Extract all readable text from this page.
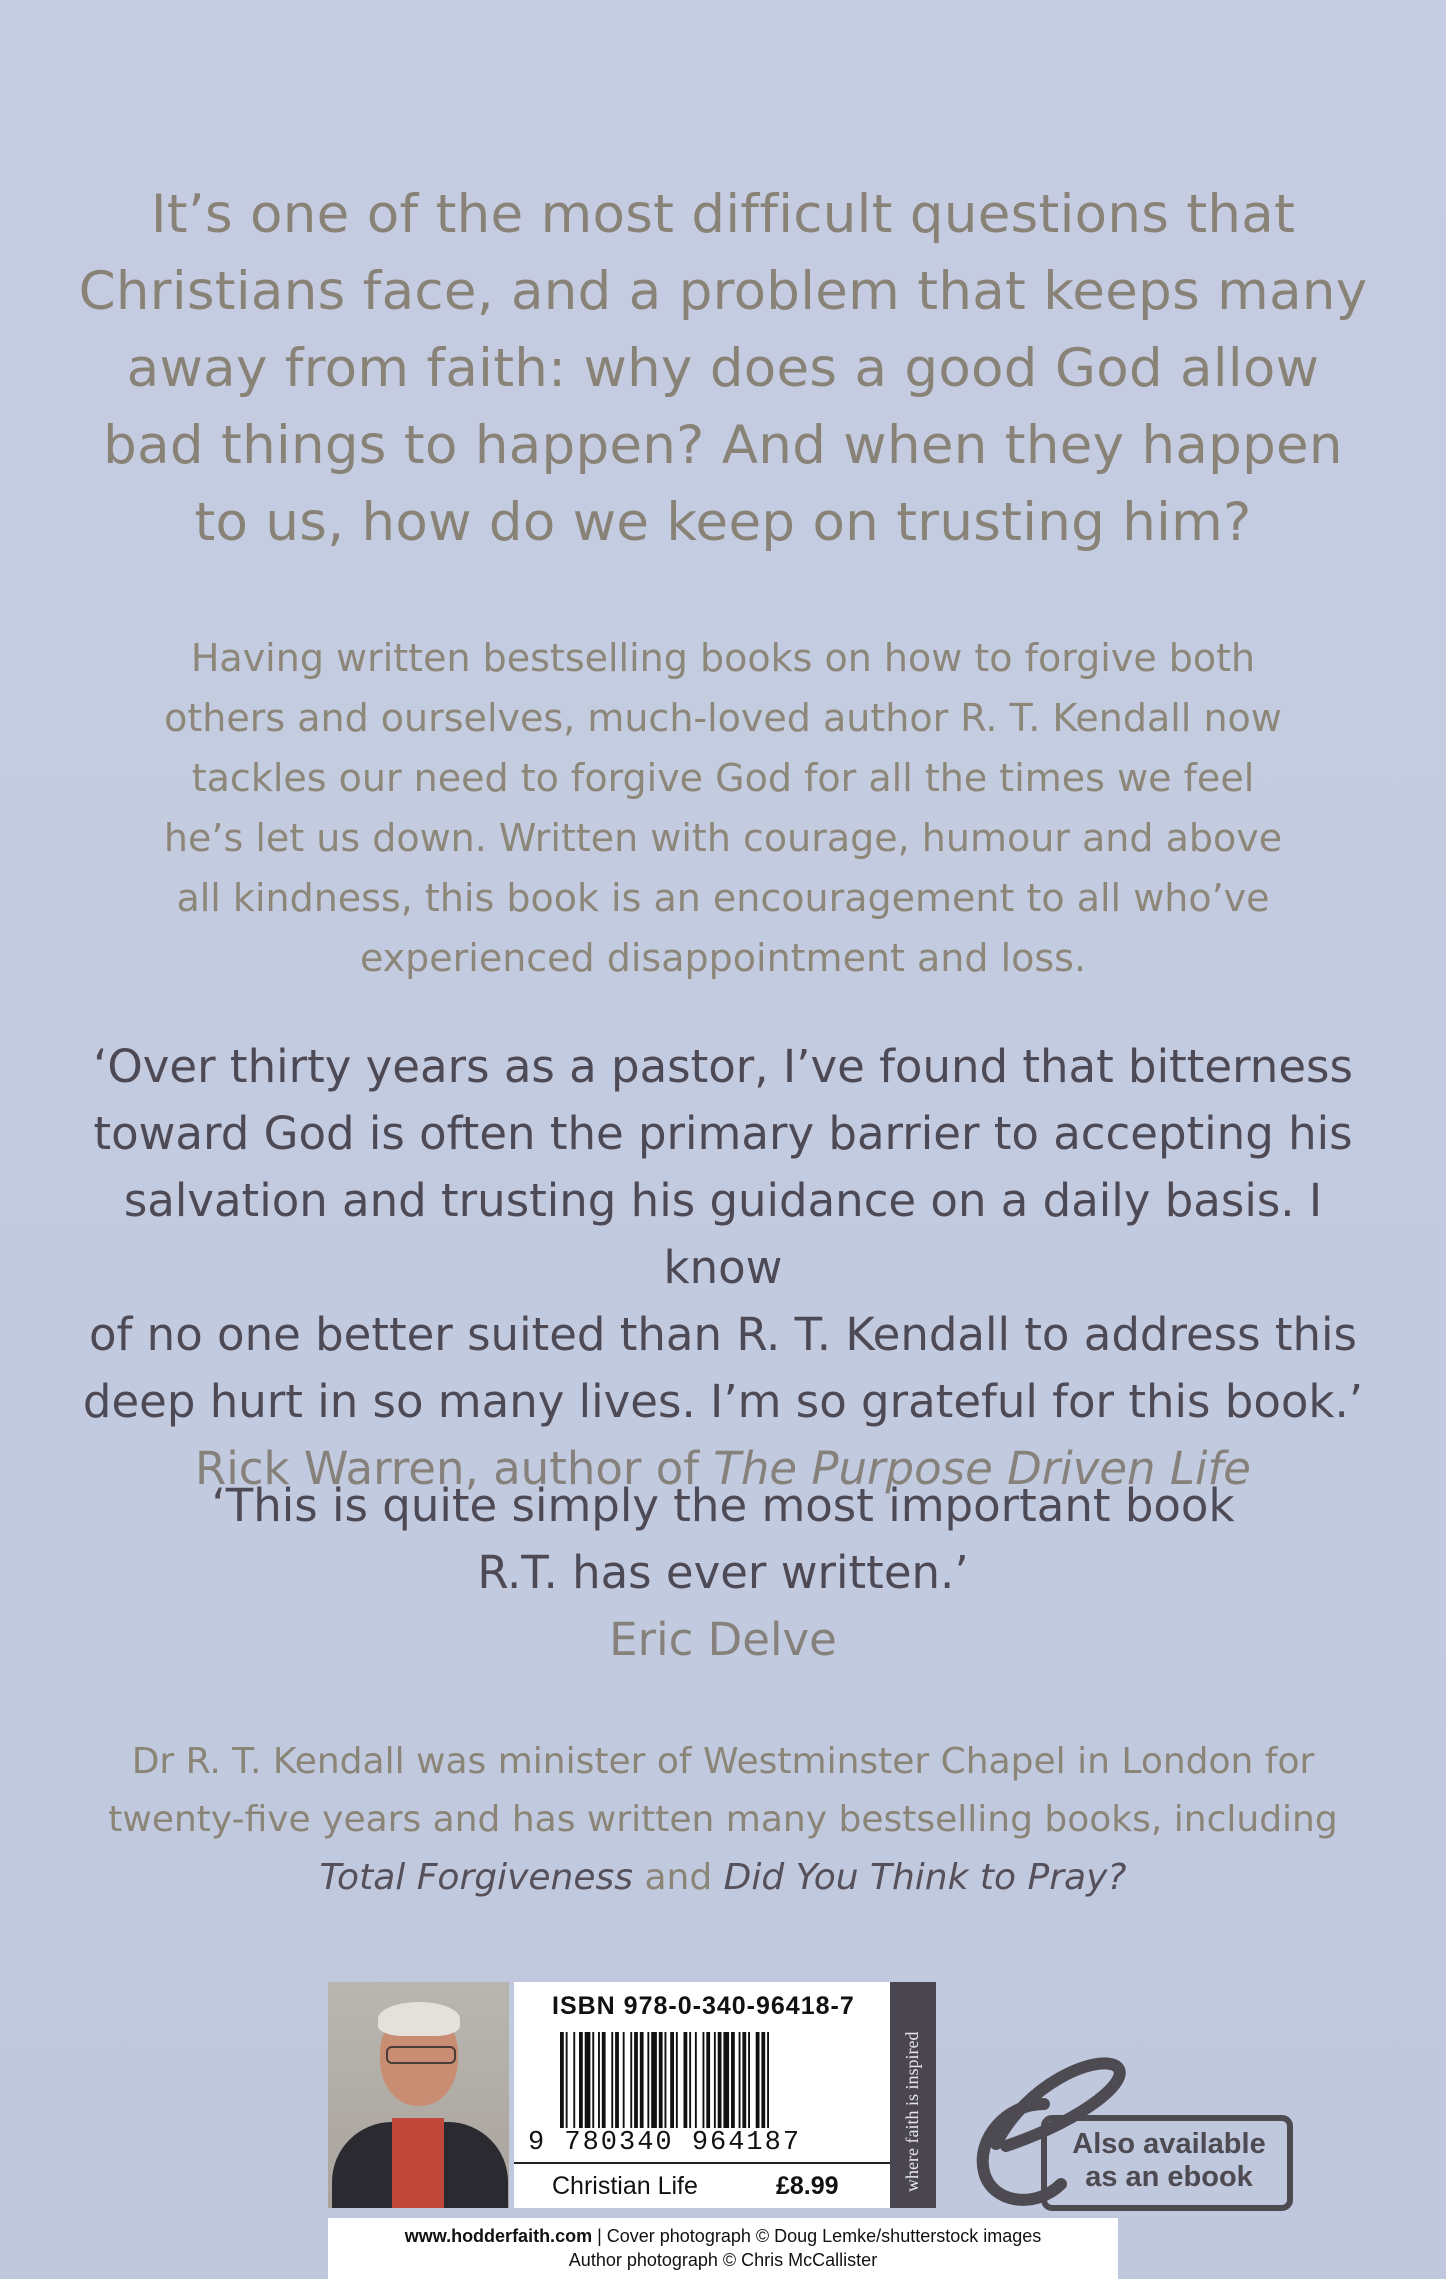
It’s one of the most difficult questions that
Christians face, and a problem that keeps many
away from faith: why does a good God allow
bad things to happen? And when they happen
to us, how do we keep on trusting him?
Having written bestselling books on how to forgive both
others and ourselves, much-loved author R. T. Kendall now
tackles our need to forgive God for all the times we feel
he’s let us down. Written with courage, humour and above
all kindness, this book is an encouragement to all who’ve
experienced disappointment and loss.
‘Over thirty years as a pastor, I’ve found that bitterness
toward God is often the primary barrier to accepting his
salvation and trusting his guidance on a daily basis. I know
of no one better suited than R. T. Kendall to address this
deep hurt in so many lives. I’m so grateful for this book.’
Rick Warren, author of The Purpose Driven Life
‘This is quite simply the most important book
R.T. has ever written.’
Eric Delve
Dr R. T. Kendall was minister of Westminster Chapel in London for
twenty-five years and has written many bestselling books, including
Total Forgiveness and Did You Think to Pray?
ISBN 978-0-340-96418-7
9 780340 964187
Christian Life	£8.99	where faith is inspired	Also available
as an ebook
www.hodderfaith.com | Cover photograph © Doug Lemke/shutterstock images
Author photograph © Chris McCallister
